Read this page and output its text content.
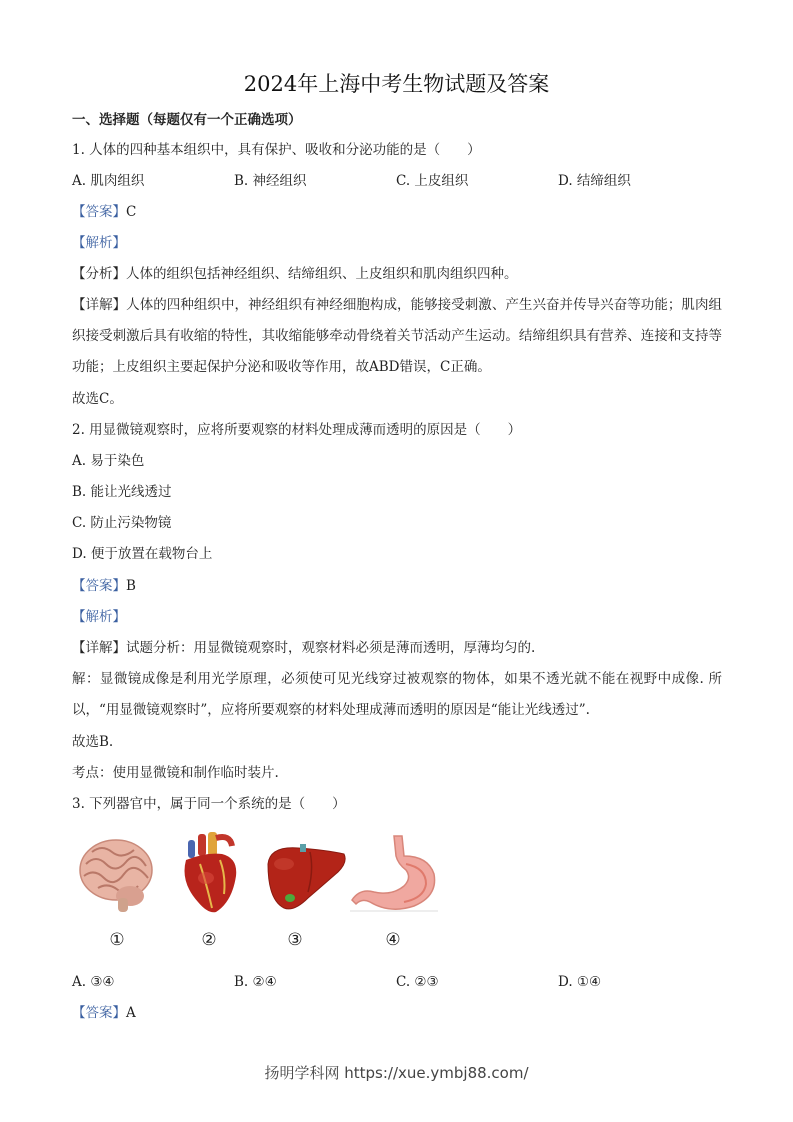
2024年上海中考生物试题及答案
一、选择题（每题仅有一个正确选项）
1. 人体的四种基本组织中，具有保护、吸收和分泌功能的是（　　）
A. 肌肉组织	B. 神经组织	C. 上皮组织	D. 结缔组织
【答案】C
【解析】
【分析】人体的组织包括神经组织、结缔组织、上皮组织和肌肉组织四种。
【详解】人体的四种组织中，神经组织有神经细胞构成，能够接受刺激、产生兴奋并传导兴奋等功能；肌肉组织接受刺激后具有收缩的特性，其收缩能够牵动骨绕着关节活动产生运动。结缔组织具有营养、连接和支持等功能；上皮组织主要起保护分泌和吸收等作用，故ABD错误，C正确。
故选C。
2. 用显微镜观察时，应将所要观察的材料处理成薄而透明的原因是（　　）
A. 易于染色
B. 能让光线透过
C. 防止污染物镜
D. 便于放置在载物台上
【答案】B
【解析】
【详解】试题分析：用显微镜观察时，观察材料必须是薄而透明，厚薄均匀的.
解：显微镜成像是利用光学原理，必须使可见光线穿过被观察的物体，如果不透光就不能在视野中成像. 所以，“用显微镜观察时”，应将所要观察的材料处理成薄而透明的原因是“能让光线透过”.
故选B.
考点：使用显微镜和制作临时装片.
3. 下列器官中，属于同一个系统的是（　　）
①	②	③	④
A. ③④	B. ②④	C. ②③	D. ①④
【答案】A
扬明学科网 https://xue.ymbj88.com/
